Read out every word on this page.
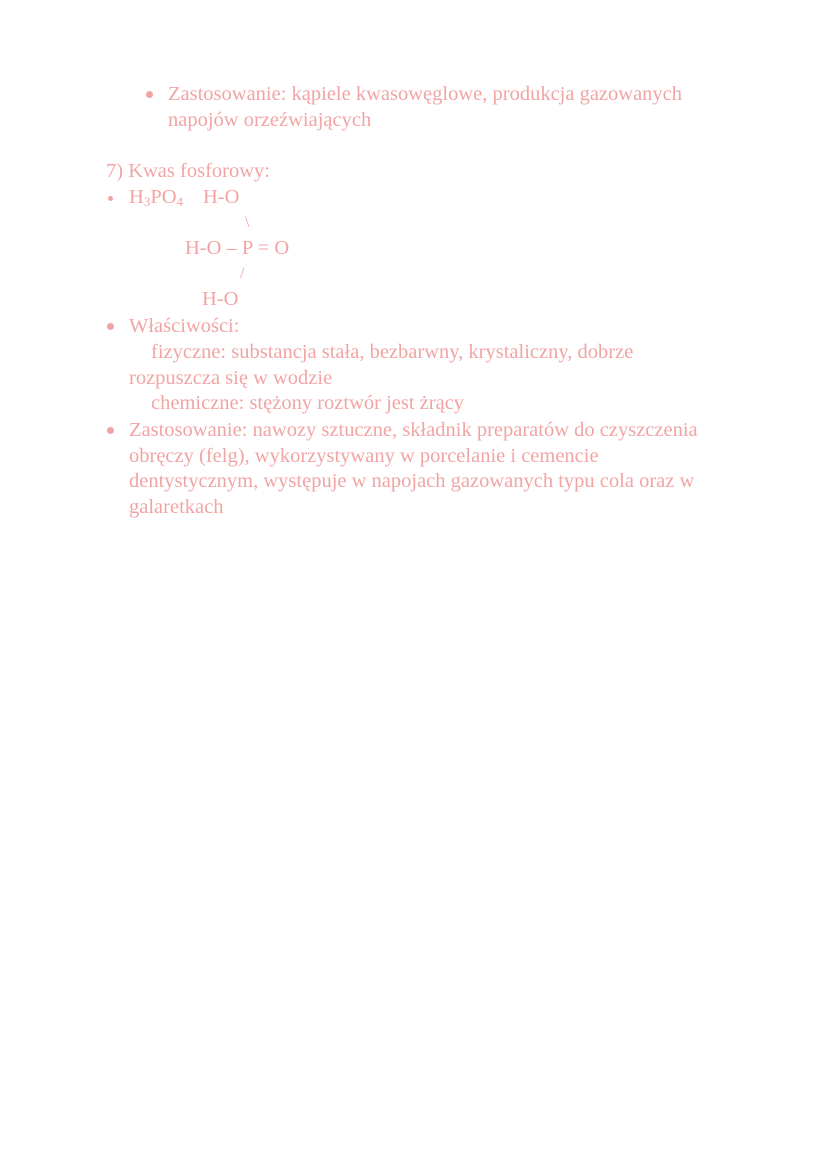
Zastosowanie: kąpiele kwasowęglowe, produkcja gazowanych
napojów orzeźwiających
7) Kwas fosforowy:
$H_3PO_4$ H-O
\
H-O – P = O
/
H-O
Właściwości:
fizyczne: substancja stała, bezbarwny, krystaliczny, dobrze
rozpuszcza się w wodzie
chemiczne: stężony roztwór jest żrący
Zastosowanie: nawozy sztuczne, składnik preparatów do czyszczenia
obręczy (felg), wykorzystywany w porcelanie i cemencie
dentystycznym, występuje w napojach gazowanych typu cola oraz w
galaretkach
